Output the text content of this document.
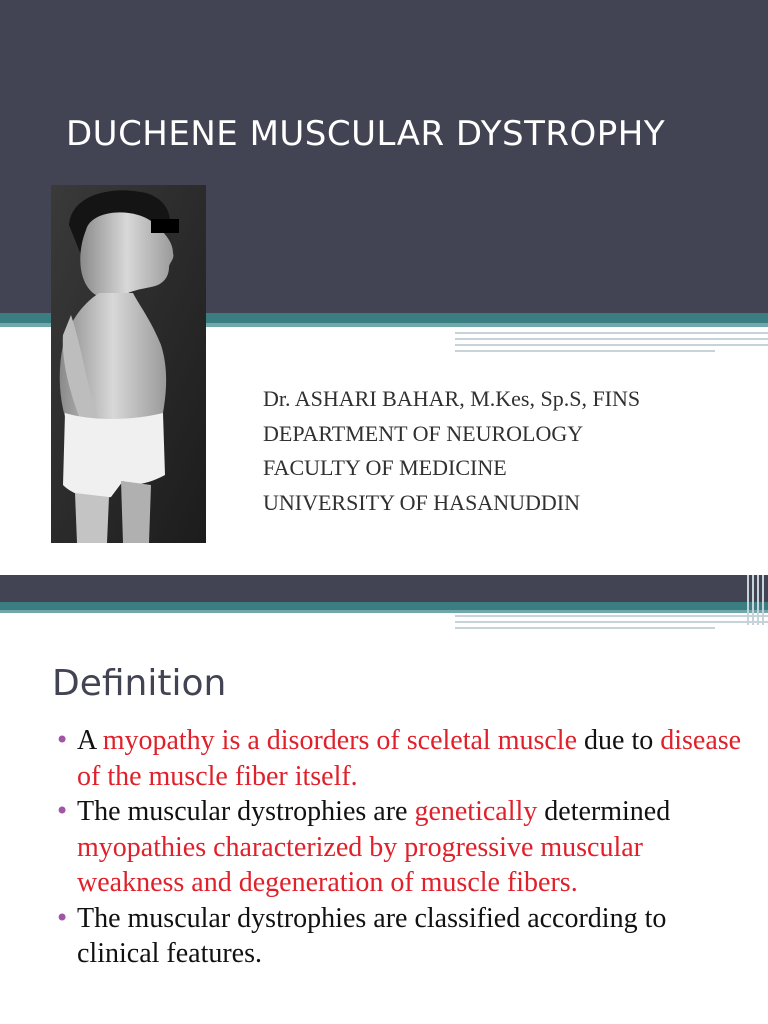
DUCHENE MUSCULAR DYSTROPHY
Dr. ASHARI BAHAR, M.Kes, Sp.S, FINS
DEPARTMENT OF NEUROLOGY
FACULTY OF MEDICINE
UNIVERSITY OF HASANUDDIN
Definition
• A myopathy is a disorders of sceletal muscle due to disease of the muscle fiber itself.
• The muscular dystrophies are genetically determined myopathies characterized by progressive muscular weakness and degeneration of muscle fibers.
• The muscular dystrophies are classified according to clinical features.
